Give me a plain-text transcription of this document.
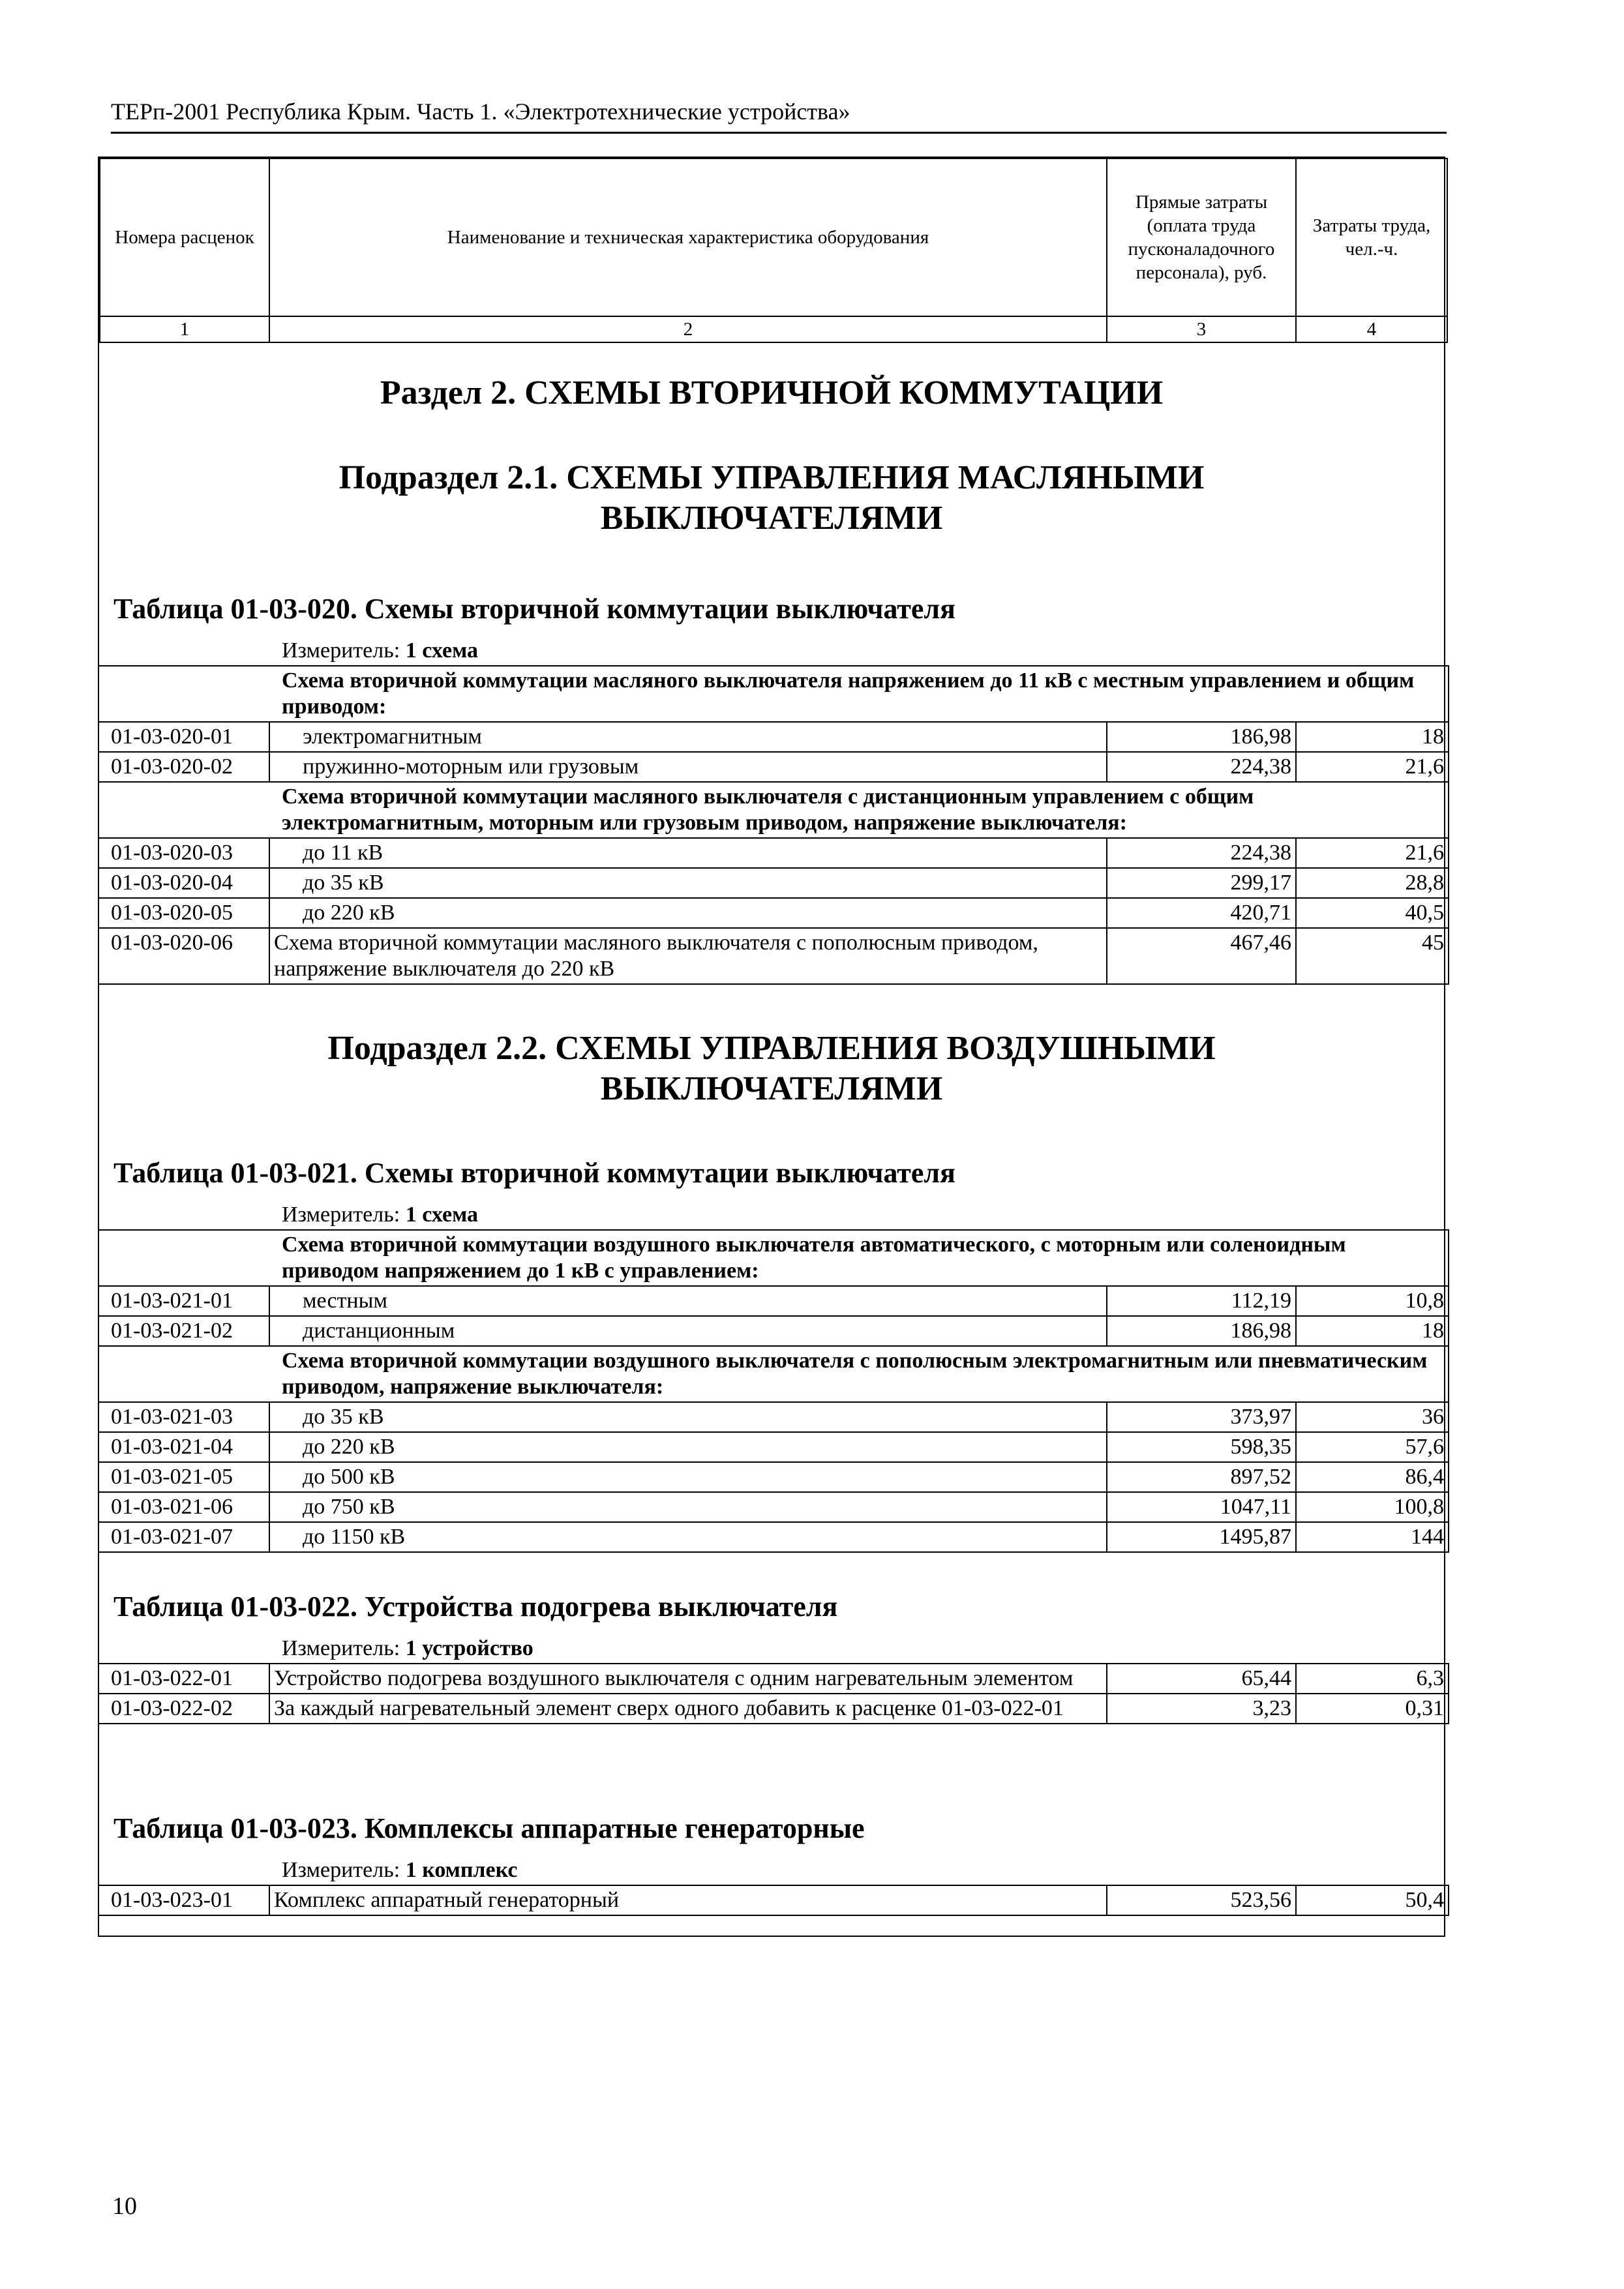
ТЕРп-2001 Республика Крым. Часть 1. «Электротехнические устройства»
Номера расценок	Наименование и техническая характеристика оборудования	Прямые затраты (оплата труда пусконаладочного персонала), руб.	Затраты труда, чел.-ч.
1	2	3	4
Раздел 2. СХЕМЫ ВТОРИЧНОЙ КОММУТАЦИИ
Подраздел 2.1. СХЕМЫ УПРАВЛЕНИЯ МАСЛЯНЫМИ ВЫКЛЮЧАТЕЛЯМИ
Таблица 01-03-020. Схемы вторичной коммутации выключателя
Измеритель: 1 схема
Схема вторичной коммутации масляного выключателя напряжением до 11 кВ с местным управлением и общим приводом:			
01-03-020-01	электромагнитным	186,98	18
01-03-020-02	пружинно-моторным или грузовым	224,38	21,6
Схема вторичной коммутации масляного выключателя с дистанционным управлением с общим электромагнитным, моторным или грузовым приводом, напряжение выключателя:			
01-03-020-03	до 11 кВ	224,38	21,6
01-03-020-04	до 35 кВ	299,17	28,8
01-03-020-05	до 220 кВ	420,71	40,5
01-03-020-06	Схема вторичной коммутации масляного выключателя с пополюсным приводом, напряжение выключателя до 220 кВ	467,46	45
Подраздел 2.2. СХЕМЫ УПРАВЛЕНИЯ ВОЗДУШНЫМИ ВЫКЛЮЧАТЕЛЯМИ
Таблица 01-03-021. Схемы вторичной коммутации выключателя
Измеритель: 1 схема
Схема вторичной коммутации воздушного выключателя автоматического, с моторным или соленоидным приводом напряжением до 1 кВ с управлением:			
01-03-021-01	местным	112,19	10,8
01-03-021-02	дистанционным	186,98	18
Схема вторичной коммутации воздушного выключателя с пополюсным электромагнитным или пневматическим приводом, напряжение выключателя:			
01-03-021-03	до 35 кВ	373,97	36
01-03-021-04	до 220 кВ	598,35	57,6
01-03-021-05	до 500 кВ	897,52	86,4
01-03-021-06	до 750 кВ	1047,11	100,8
01-03-021-07	до 1150 кВ	1495,87	144
Таблица 01-03-022. Устройства подогрева выключателя
Измеритель: 1 устройство
01-03-022-01	Устройство подогрева воздушного выключателя с одним нагревательным элементом	65,44	6,3
01-03-022-02	За каждый нагревательный элемент сверх одного добавить к расценке 01-03-022-01	3,23	0,31
Таблица 01-03-023. Комплексы аппаратные генераторные
Измеритель: 1 комплекс
01-03-023-01	Комплекс аппаратный генераторный	523,56	50,4
10
